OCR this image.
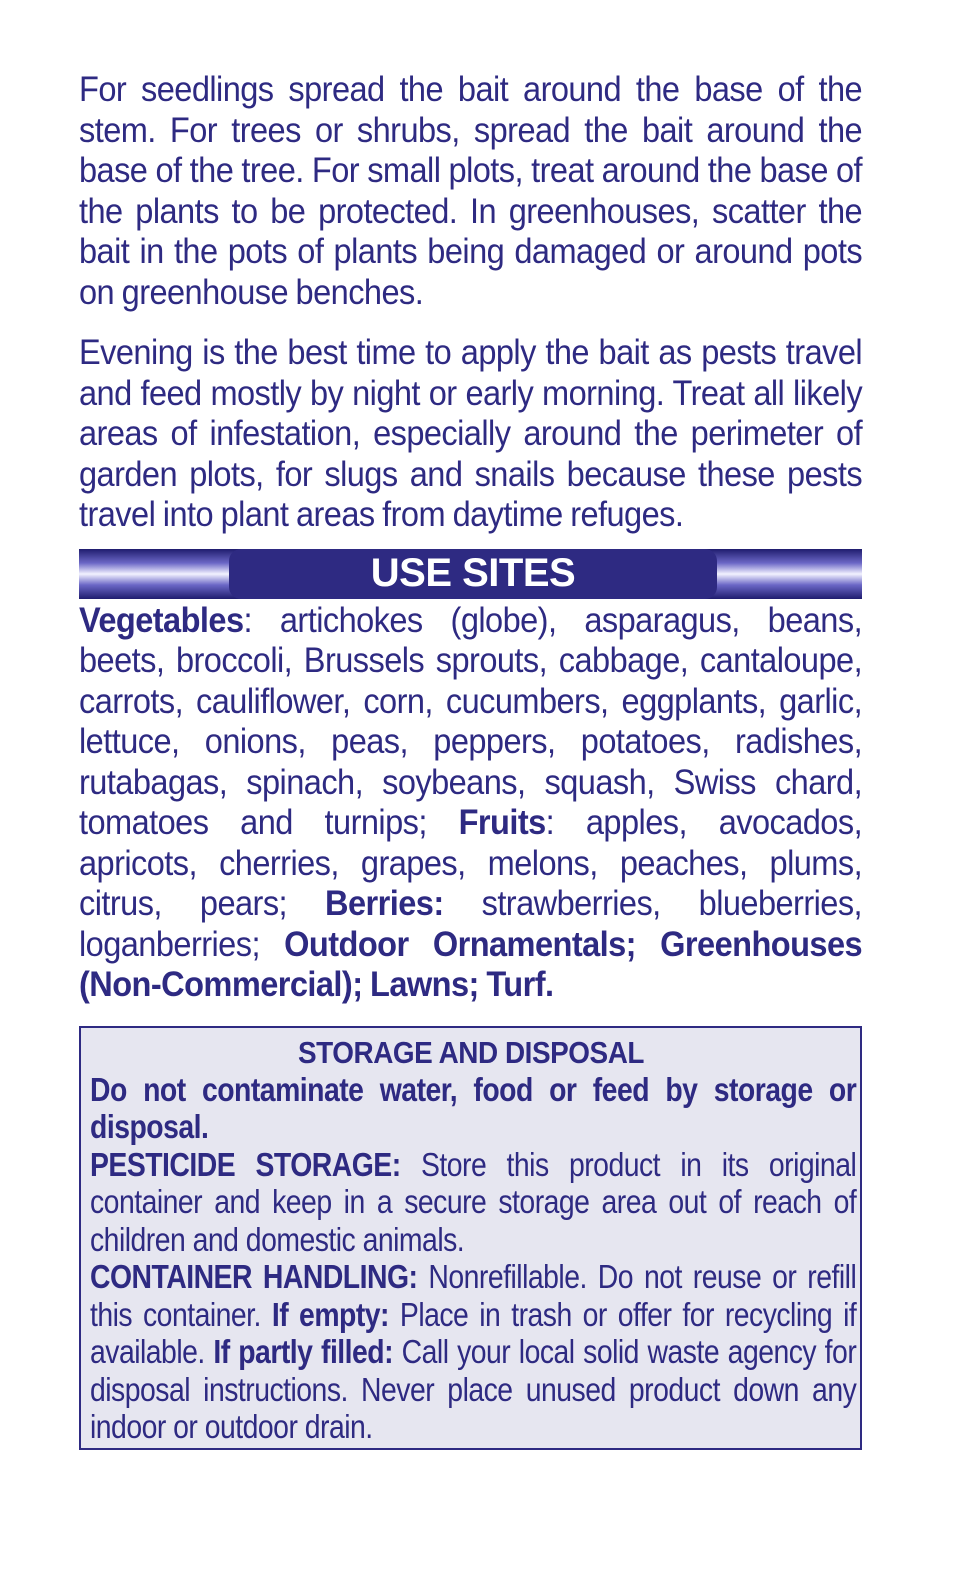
For seedlings spread the bait around the base of the stem. For trees or shrubs, spread the bait around the base of the tree. For small plots, treat around the base of the plants to be protected. In greenhouses, scatter the bait in the pots of plants being damaged or around pots on greenhouse benches.

Evening is the best time to apply the bait as pests travel and feed mostly by night or early morning. Treat all likely areas of infestation, especially around the perimeter of garden plots, for slugs and snails because these pests travel into plant areas from daytime refuges.

USE SITES

Vegetables: artichokes (globe), asparagus, beans, beets, broccoli, Brussels sprouts, cabbage, cantaloupe, carrots, cauliflower, corn, cucumbers, eggplants, garlic, lettuce, onions, peas, peppers, potatoes, radishes, rutabagas, spinach, soybeans, squash, Swiss chard, tomatoes and turnips; Fruits: apples, avocados, apricots, cherries, grapes, melons, peaches, plums, citrus, pears; Berries: strawberries, blueberries, loganberries; Outdoor Ornamentals; Greenhouses (Non-Commercial); Lawns; Turf.

STORAGE AND DISPOSAL

Do not contaminate water, food or feed by storage or disposal.

PESTICIDE STORAGE: Store this product in its original container and keep in a secure storage area out of reach of children and domestic animals.

CONTAINER HANDLING: Nonrefillable. Do not reuse or refill this container. If empty: Place in trash or offer for recycling if available. If partly filled: Call your local solid waste agency for disposal instructions. Never place unused product down any indoor or outdoor drain.
